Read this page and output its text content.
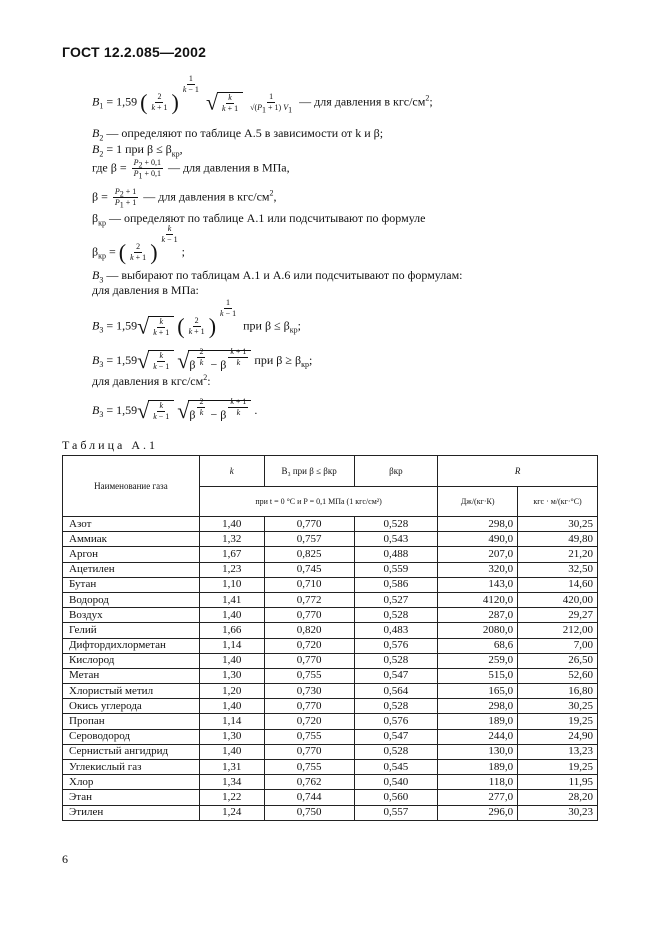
ГОСТ 12.2.085—2002
$B_1 = 1,59$ ( $\frac{2}{k + 1}$ )
$^{\frac{1}{k - 1}}$
√ $\frac{k}{k + 1}$
$\frac{1}{√(P_1 + 1) V_1}$ — для давления в кгс/$см^2$;
$B_2$ — определяют по таблице А.5 в зависимости от k и β;
$B_2 = 1$ при $\beta \le \beta_{кр}$,
где $\beta = \frac{P_2 + 0,1}{P_1 + 0,1}$ — для давления в МПа,
$\beta = \frac{P_2 + 1}{P_1 + 1}$ — для давления в кгс/$см^2$,
$\beta_{кр}$ — определяют по таблице А.1 или подсчитывают по формуле
$\beta_{кр}$ = ( $\frac{2}{k + 1}$ )
$^{\frac{k}{k - 1}}$
;
$B_3$ — выбирают по таблицам А.1 и А.6 или подсчитывают по формулам:
для давления в МПа:
$B_3 = 1,59√ \frac{k}{k + 1}$ ( $\frac{2}{k + 1}$ )
$^{\frac{1}{k - 1}}$
при $\beta \le \beta_{кр}$;
$B_3 = 1,59√ \frac{k}{k - 1} √\beta$ $^{\frac{2}{k}}$ − β $^{\frac{k + 1}{k}}$ при $\beta \ge \beta_{кр}$;
для давления в кгс/$см^2$:
$B_3 = 1,59√ \frac{k}{k - 1} √\beta$ $^{\frac{2}{k}}$ − β $^{\frac{k + 1}{k}}$ .
Таблица А.1
Наименование газа	k	B₃ при β ≤ βкр	βкр	R	
	при t = 0 °C и P = 0,1 МПа (1 кгс/см²)			Дж/(кг·К)	кгс · м/(кг·°С)
Азот	1,40	0,770	0,528	298,0	30,25
Аммиак	1,32	0,757	0,543	490,0	49,80
Аргон	1,67	0,825	0,488	207,0	21,20
Ацетилен	1,23	0,745	0,559	320,0	32,50
Бутан	1,10	0,710	0,586	143,0	14,60
Водород	1,41	0,772	0,527	4120,0	420,00
Воздух	1,40	0,770	0,528	287,0	29,27
Гелий	1,66	0,820	0,483	2080,0	212,00
Дифтордихлорметан	1,14	0,720	0,576	68,6	7,00
Кислород	1,40	0,770	0,528	259,0	26,50
Метан	1,30	0,755	0,547	515,0	52,60
Хлористый метил	1,20	0,730	0,564	165,0	16,80
Окись углерода	1,40	0,770	0,528	298,0	30,25
Пропан	1,14	0,720	0,576	189,0	19,25
Сероводород	1,30	0,755	0,547	244,0	24,90
Сернистый ангидрид	1,40	0,770	0,528	130,0	13,23
Углекислый газ	1,31	0,755	0,545	189,0	19,25
Хлор	1,34	0,762	0,540	118,0	11,95
Этан	1,22	0,744	0,560	277,0	28,20
Этилен	1,24	0,750	0,557	296,0	30,23
6
